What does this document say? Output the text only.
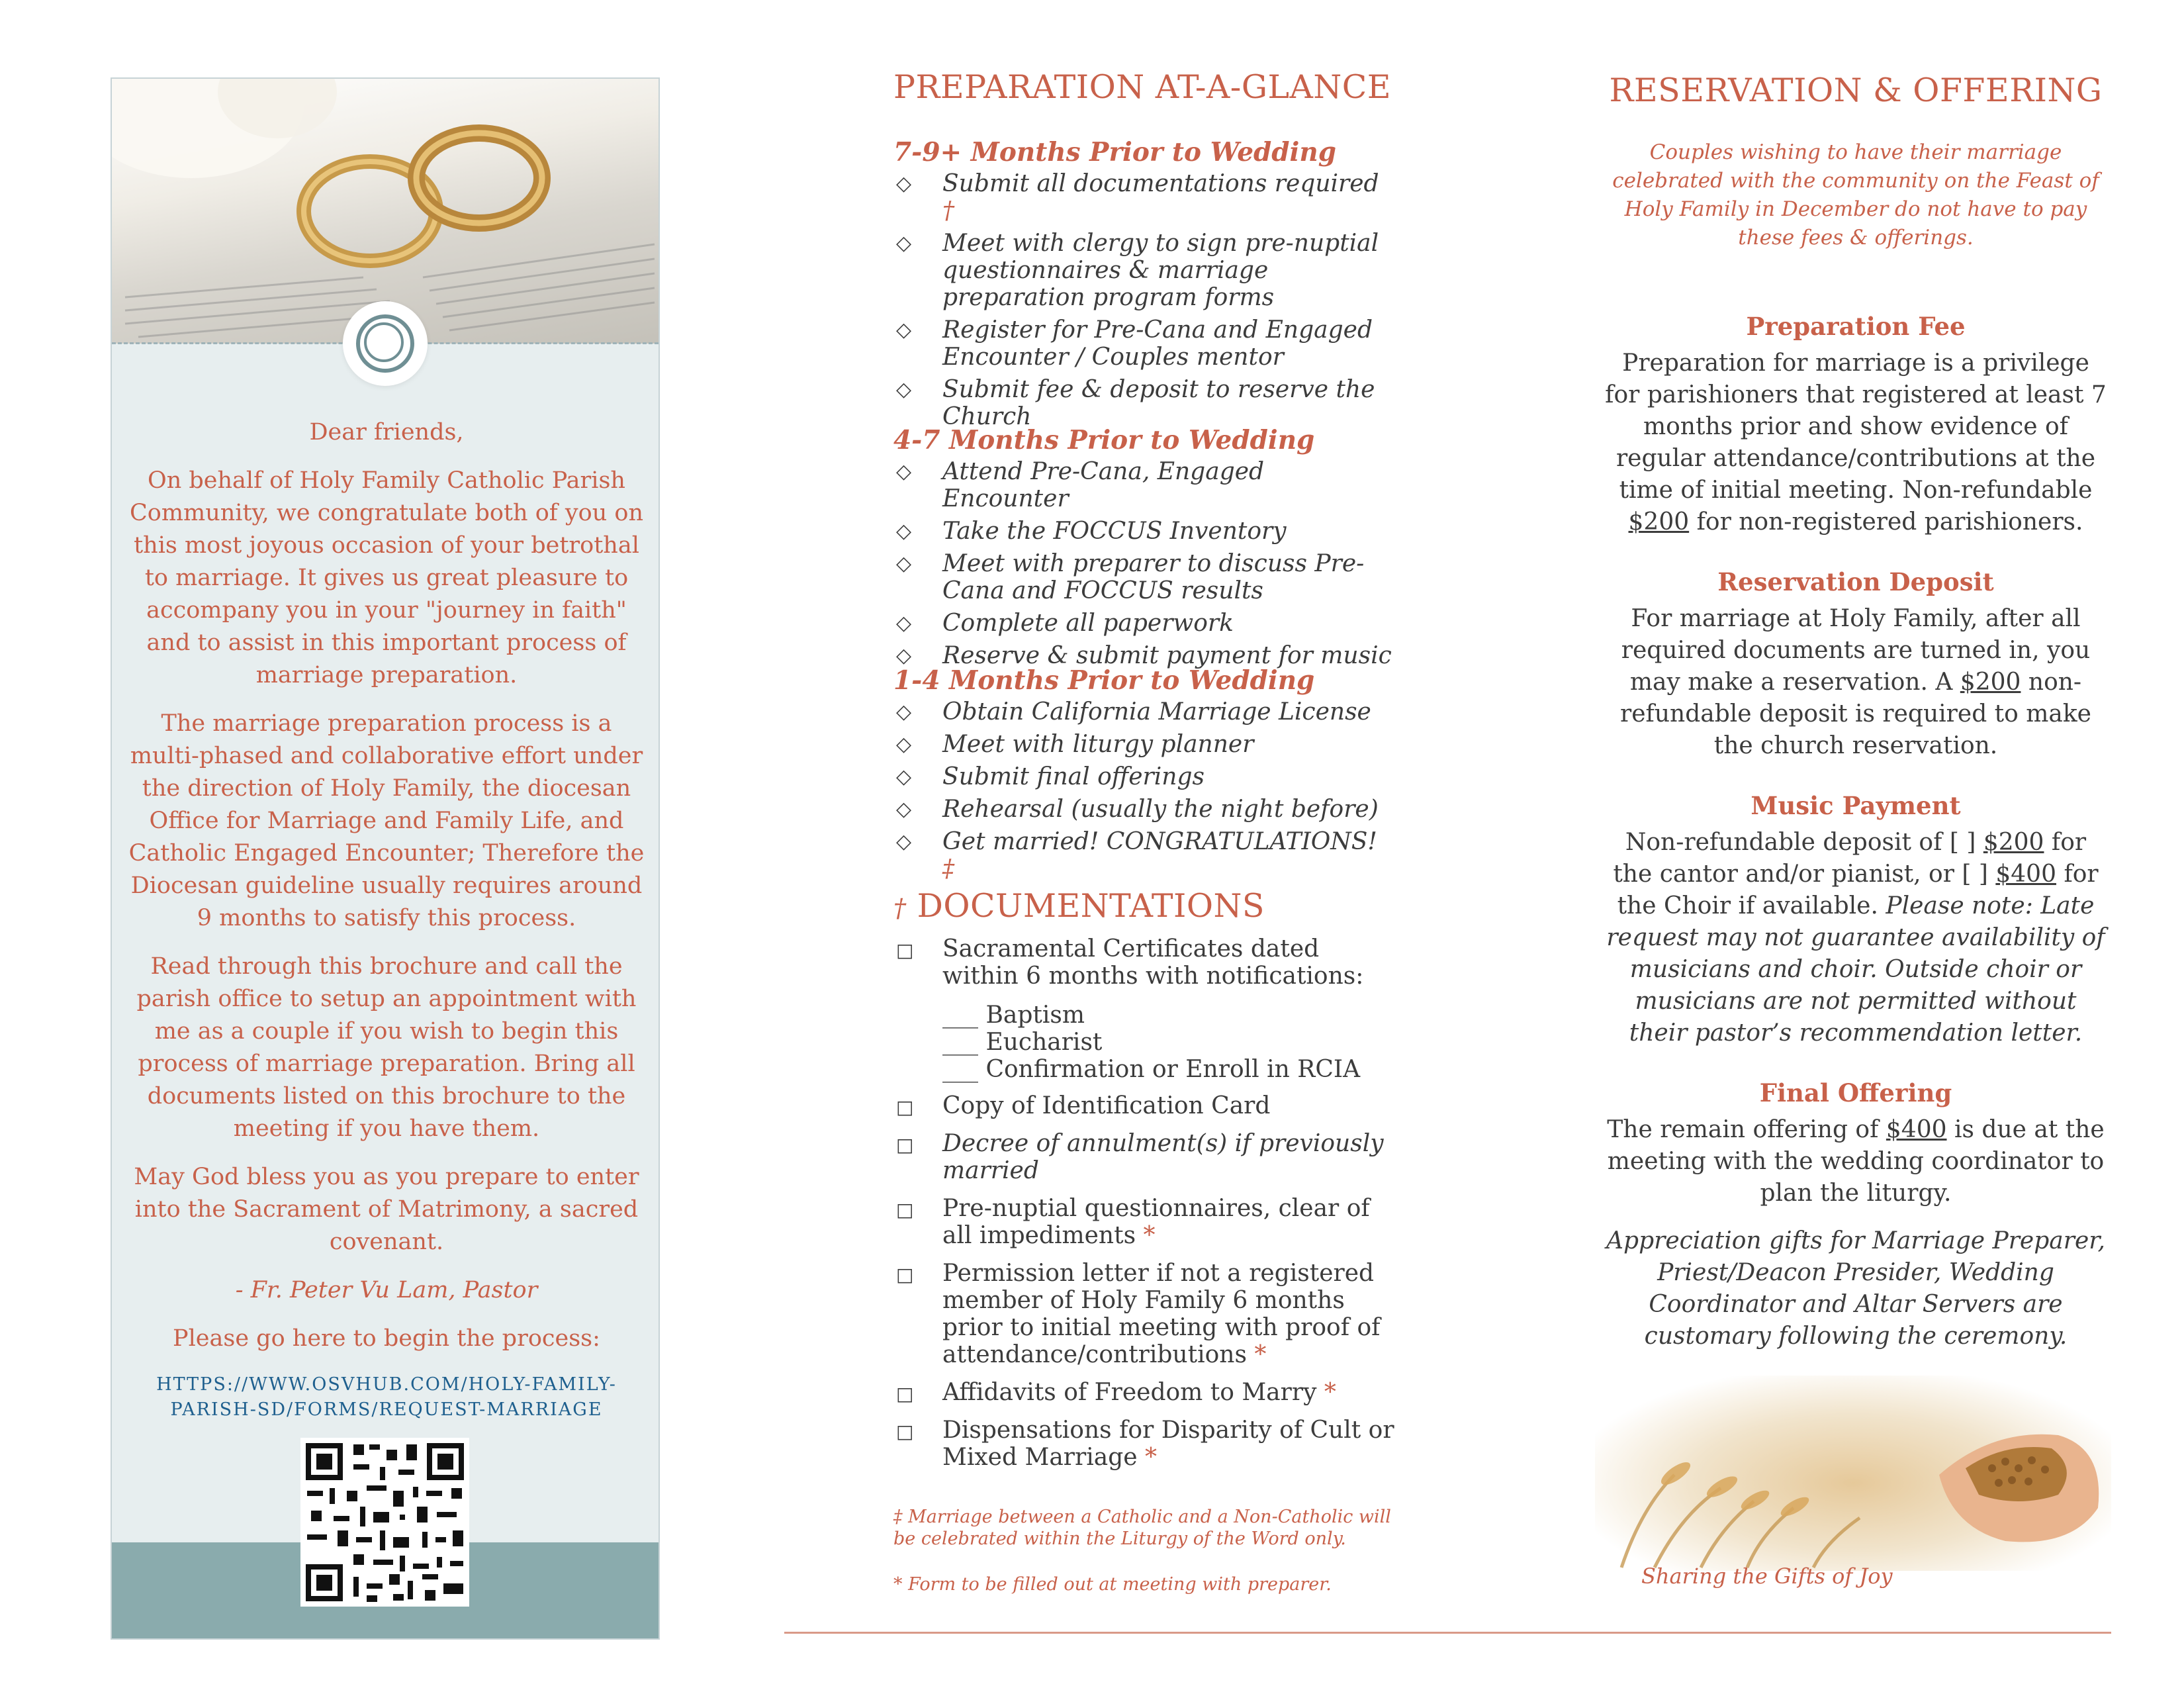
Dear friends,

On behalf of Holy Family Catholic Parish Community, we congratulate both of you on this most joyous occasion of your betrothal to marriage. It gives us great pleasure to accompany you in your "journey in faith" and to assist in this important process of marriage preparation.

The marriage preparation process is a multi-phased and collaborative effort under the direction of Holy Family, the diocesan Office for Marriage and Family Life, and Catholic Engaged Encounter; Therefore the Diocesan guideline usually requires around 9 months to satisfy this process.

Read through this brochure and call the parish office to setup an appointment with me as a couple if you wish to begin this process of marriage preparation. Bring all documents listed on this brochure to the meeting if you have them.

May God bless you as you prepare to enter into the Sacrament of Matrimony, a sacred covenant.

- Fr. Peter Vu Lam, Pastor

Please go here to begin the process:

HTTPS://WWW.OSVHUB.COM/HOLY-FAMILY-
PARISH-SD/FORMS/REQUEST-MARRIAGE
PREPARATION AT-A-GLANCE

7-9+ Months Prior to Wedding

◇ Submit all documentations required †
◇ Meet with clergy to sign pre-nuptial questionnaires & marriage preparation program forms
◇ Register for Pre-Cana and Engaged Encounter / Couples mentor
◇ Submit fee & deposit to reserve the Church

4-7 Months Prior to Wedding

◇ Attend Pre-Cana, Engaged Encounter
◇ Take the FOCCUS Inventory
◇ Meet with preparer to discuss Pre-Cana and FOCCUS results
◇ Complete all paperwork
◇ Reserve & submit payment for music

1-4 Months Prior to Wedding

◇ Obtain California Marriage License
◇ Meet with liturgy planner
◇ Submit final offerings
◇ Rehearsal (usually the night before)
◇ Get married! CONGRATULATIONS! ‡
† DOCUMENTATIONS
□ Sacramental Certificates dated within 6 months with notifications:
___ Baptism
___ Eucharist
___ Confirmation or Enroll in RCIA
□ Copy of Identification Card
□ Decree of annulment(s) if previously married
□ Pre-nuptial questionnaires, clear of all impediments *
□ Permission letter if not a registered member of Holy Family 6 months prior to initial meeting with proof of attendance/contributions *
□ Affidavits of Freedom to Marry *
□ Dispensations for Disparity of Cult or Mixed Marriage *

‡ Marriage between a Catholic and a Non-Catholic will be celebrated within the Liturgy of the Word only.

* Form to be filled out at meeting with preparer.

RESERVATION & OFFERING

Couples wishing to have their marriage celebrated with the community on the Feast of Holy Family in December do not have to pay these fees & offerings.

Preparation Fee

Preparation for marriage is a privilege for parishioners that registered at least 7 months prior and show evidence of regular attendance/contributions at the time of initial meeting. Non-refundable $200 for non-registered parishioners.

Reservation Deposit

For marriage at Holy Family, after all required documents are turned in, you may make a reservation. A $200 non-refundable deposit is required to make the church reservation.

Music Payment

Non-refundable deposit of [ ] $200 for the cantor and/or pianist, or [ ] $400 for the Choir if available. Please note: Late request may not guarantee availability of musicians and choir. Outside choir or musicians are not permitted without their pastor’s recommendation letter.

Final Offering

The remain offering of $400 is due at the meeting with the wedding coordinator to plan the liturgy.

Appreciation gifts for Marriage Preparer, Priest/Deacon Presider, Wedding Coordinator and Altar Servers are customary following the ceremony.

Sharing the Gifts of Joy
